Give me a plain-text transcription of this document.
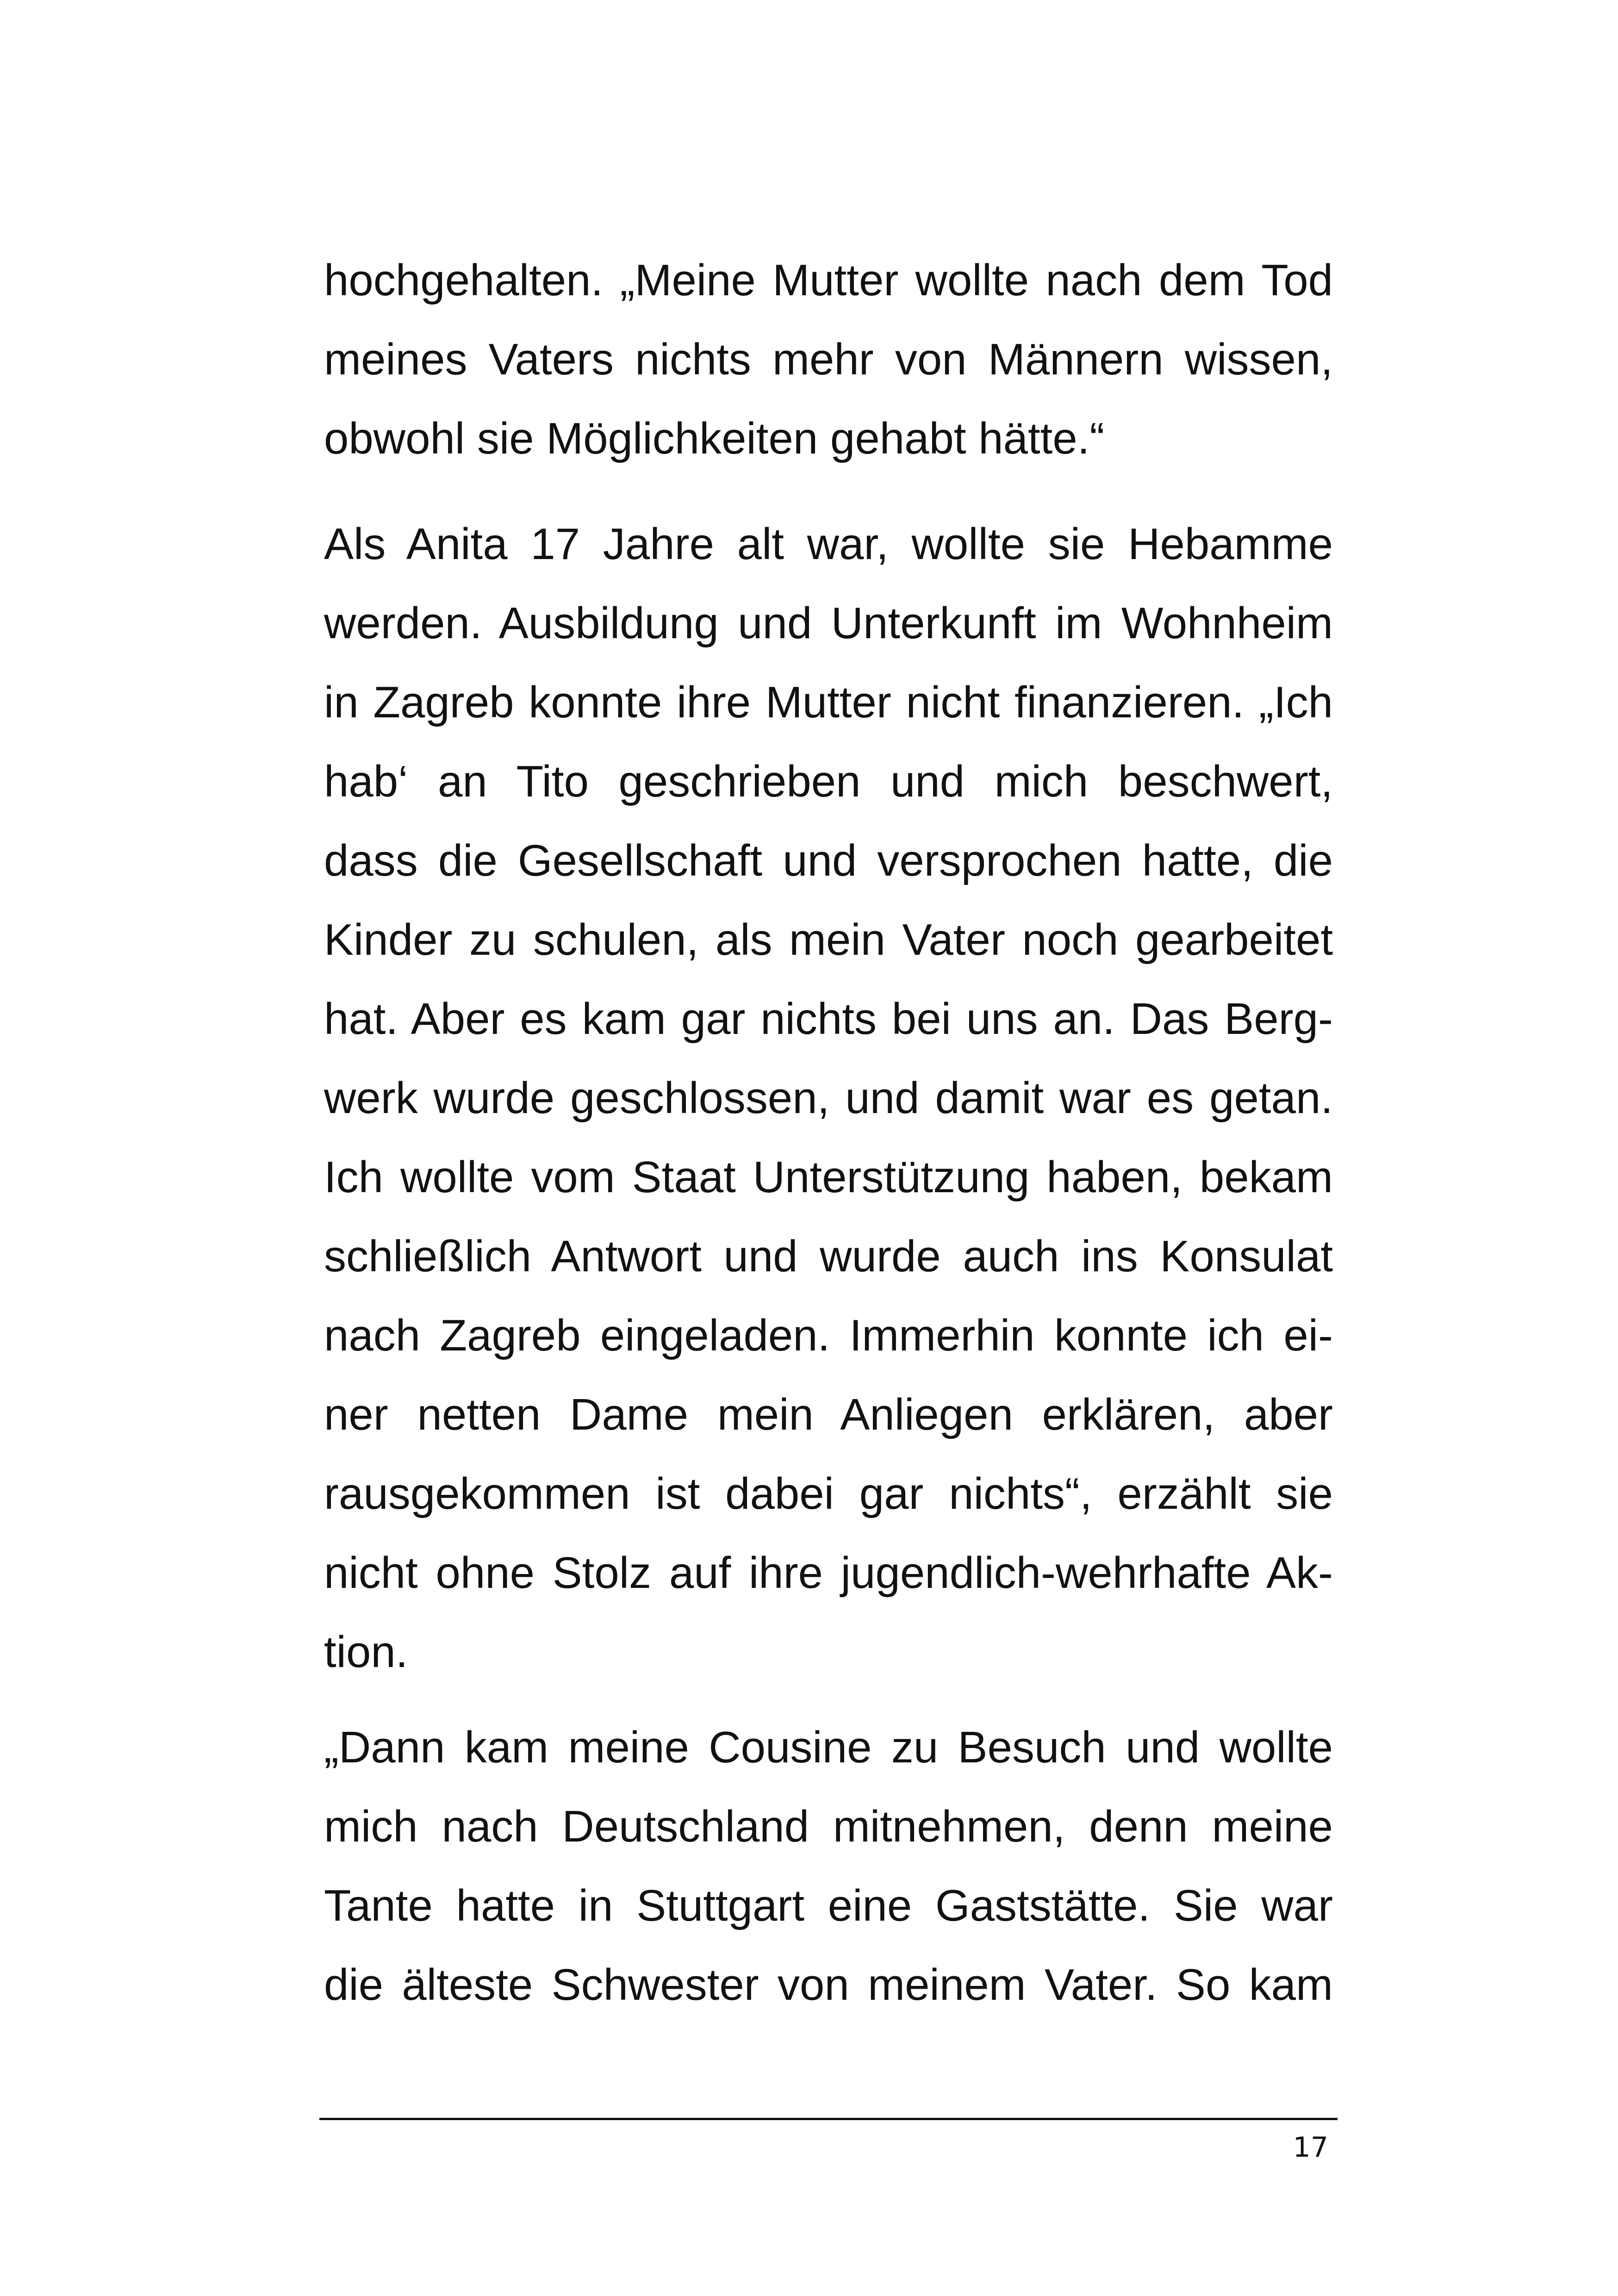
hochgehalten. „Meine Mutter wollte nach dem Tod
meines Vaters nichts mehr von Männern wissen,
obwohl sie Möglichkeiten gehabt hätte.“
Als Anita 17 Jahre alt war, wollte sie Hebamme
werden. Ausbildung und Unterkunft im Wohnheim
in Zagreb konnte ihre Mutter nicht finanzieren. „Ich
hab‘ an Tito geschrieben und mich beschwert,
dass die Gesellschaft und versprochen hatte, die
Kinder zu schulen, als mein Vater noch gearbeitet
hat. Aber es kam gar nichts bei uns an. Das Berg-
werk wurde geschlossen, und damit war es getan.
Ich wollte vom Staat Unterstützung haben, bekam
schließlich Antwort und wurde auch ins Konsulat
nach Zagreb eingeladen. Immerhin konnte ich ei-
ner netten Dame mein Anliegen erklären, aber
rausgekommen ist dabei gar nichts“, erzählt sie
nicht ohne Stolz auf ihre jugendlich-wehrhafte Ak-
tion.
„Dann kam meine Cousine zu Besuch und wollte
mich nach Deutschland mitnehmen, denn meine
Tante hatte in Stuttgart eine Gaststätte. Sie war
die älteste Schwester von meinem Vater. So kam
17
